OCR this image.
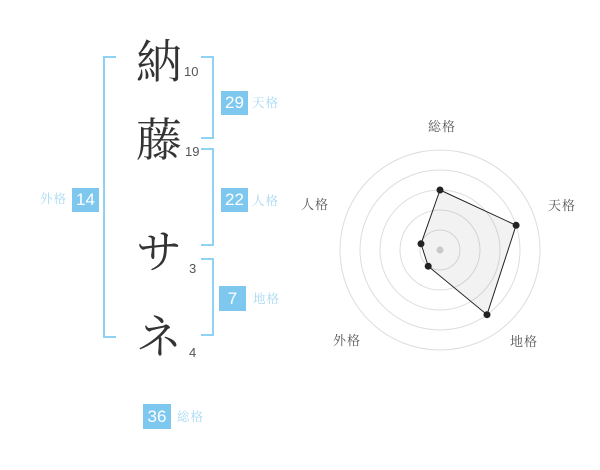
納 10
藤 19
サ 3
ネ 4
29 天格
22 人格
7	地格
外格 14
36 総格
総格
天格
地格
外格
人格
